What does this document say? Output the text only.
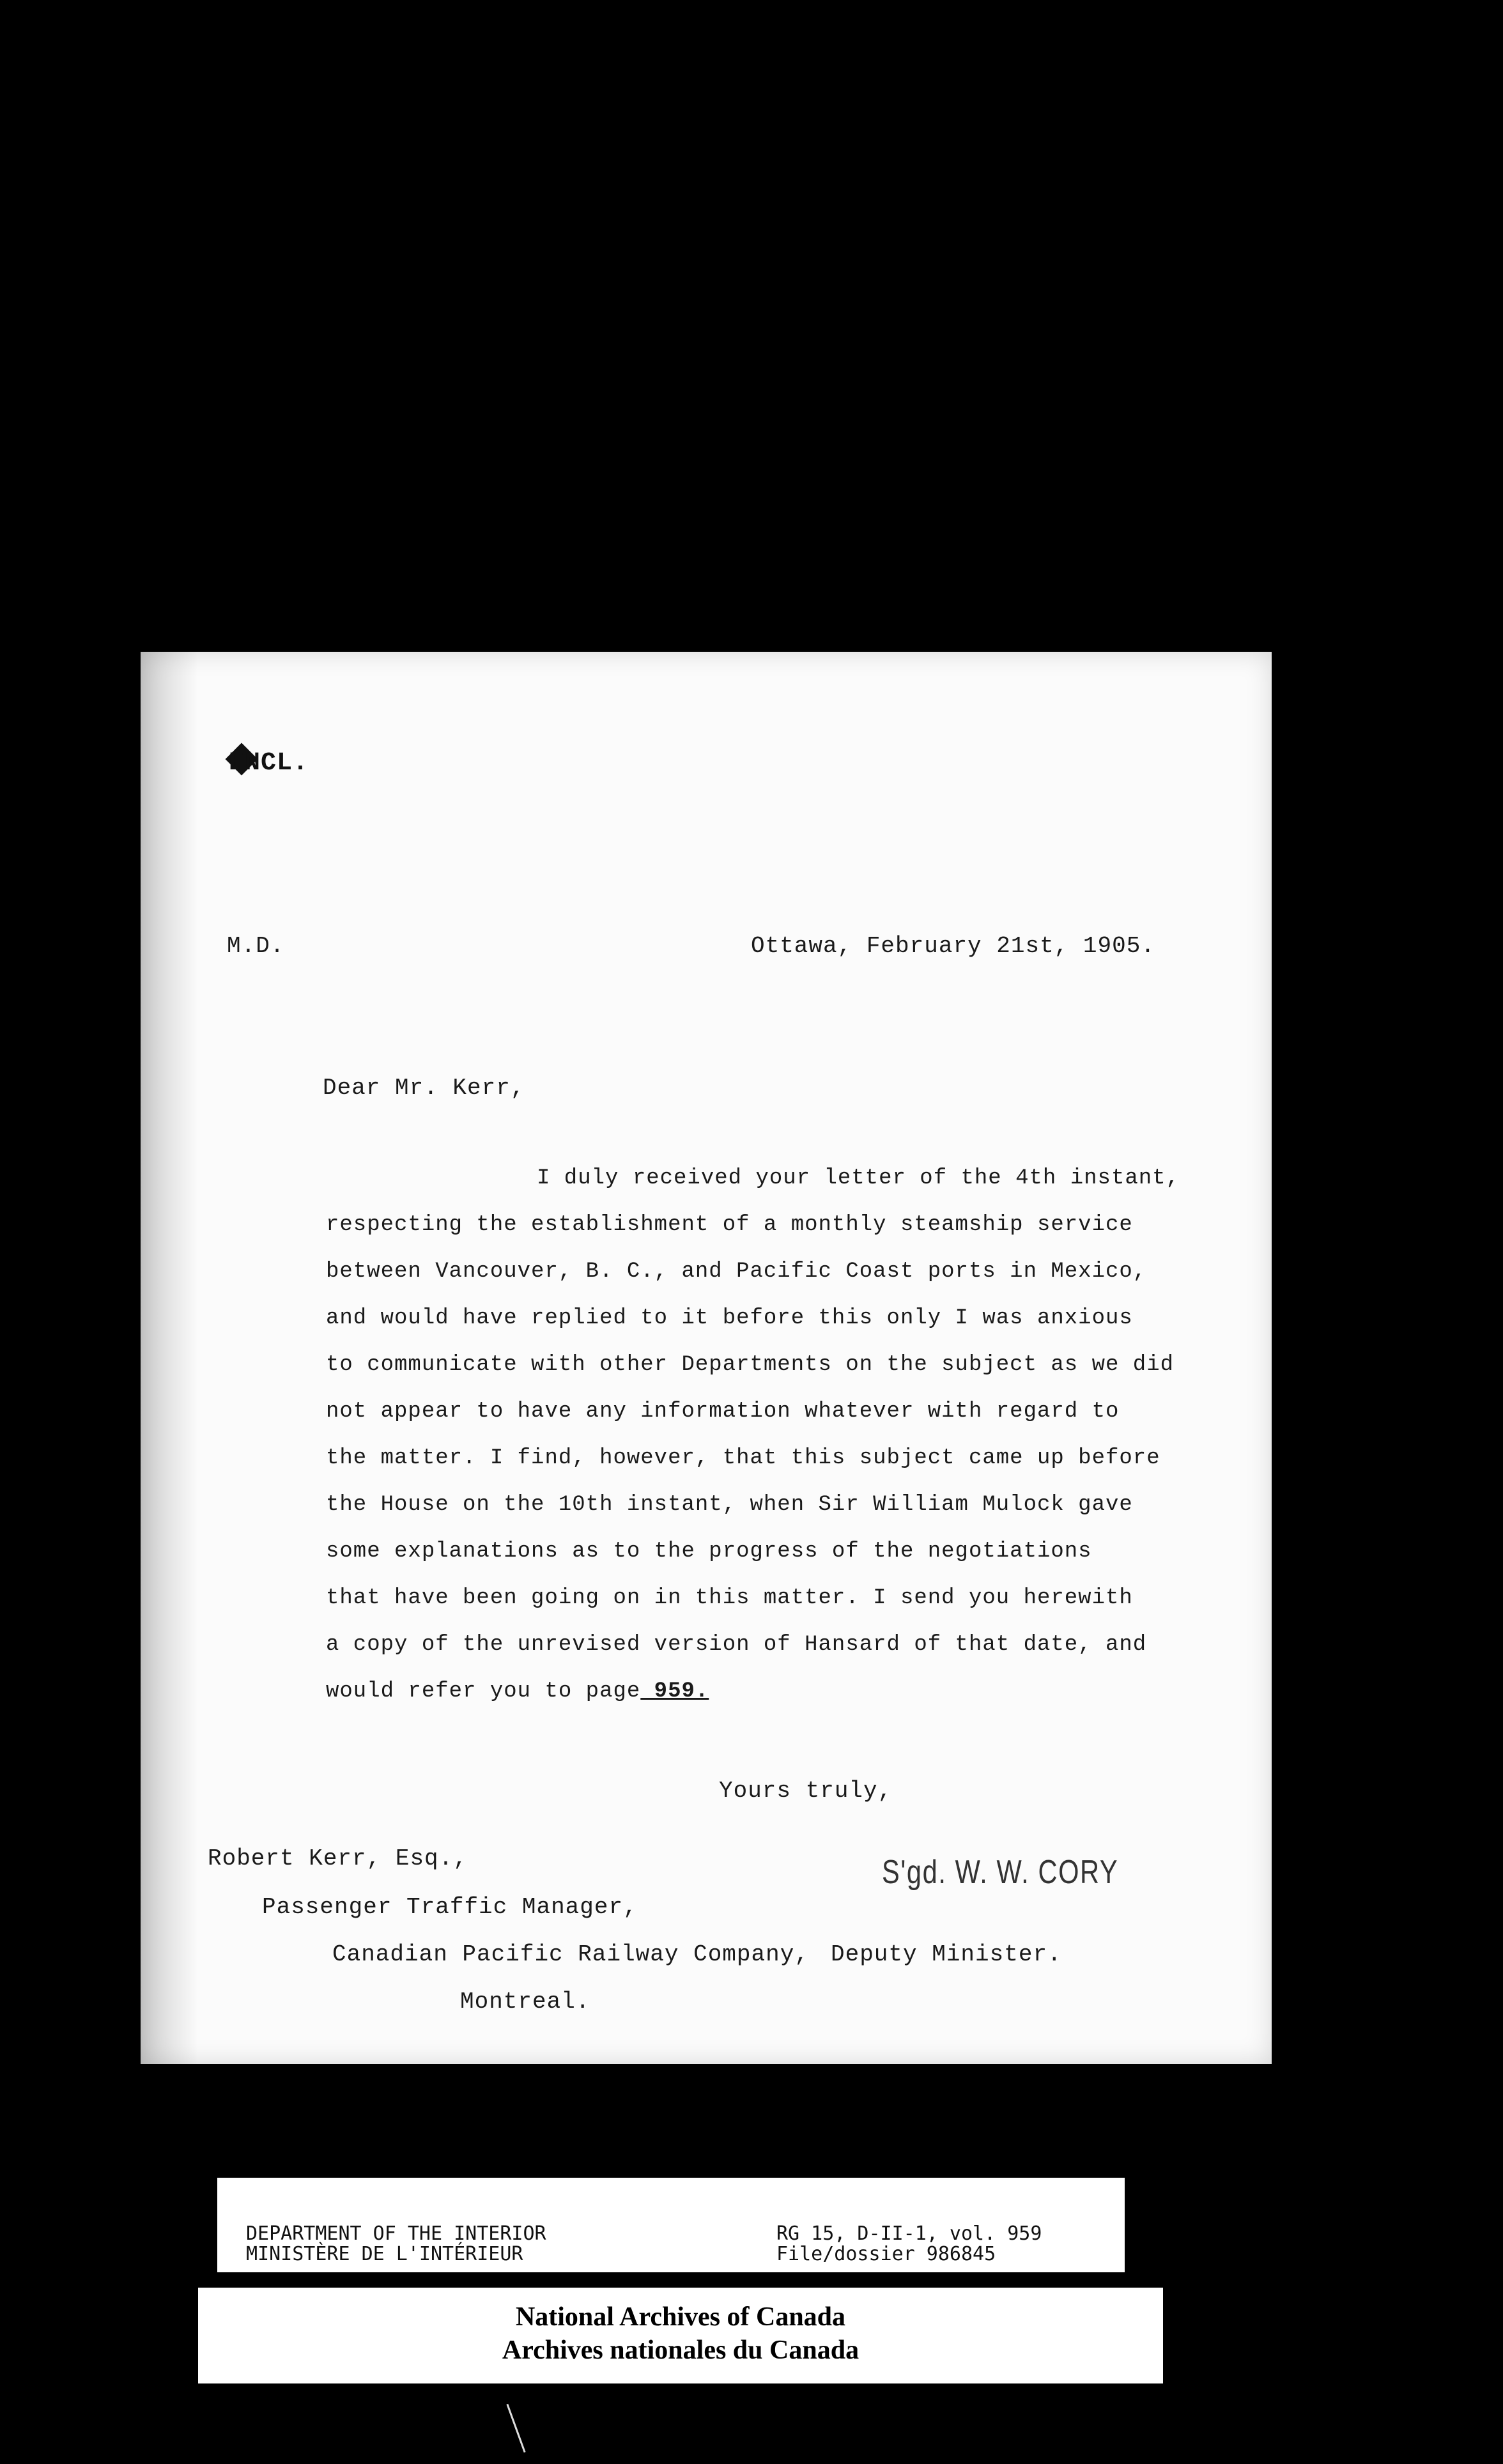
ENCL.
M.D.	Ottawa, February 21st, 1905.
Dear Mr. Kerr,
I duly received your letter of the 4th instant,
respecting the establishment of a monthly steamship service
between Vancouver, B. C., and Pacific Coast ports in Mexico,
and would have replied to it before this only I was anxious
to communicate with other Departments on the subject as we did
not appear to have any information whatever with regard to
the matter. I find, however, that this subject came up before
the House on the 10th instant, when Sir William Mulock gave
some explanations as to the progress of the negotiations
that have been going on in this matter. I send you herewith
a copy of the unrevised version of Hansard of that date, and
would refer you to page 959.
Yours truly,
Robert Kerr, Esq.,	S'gd. W. W. CORY
Passenger Traffic Manager,
Canadian Pacific Railway Company, Deputy Minister.
Montreal.
DEPARTMENT OF THE INTERIOR
MINISTÈRE DE L'INTÉRIEUR
RG 15, D-II-1, vol. 959
File/dossier 986845
National Archives of Canada
Archives nationales du Canada
